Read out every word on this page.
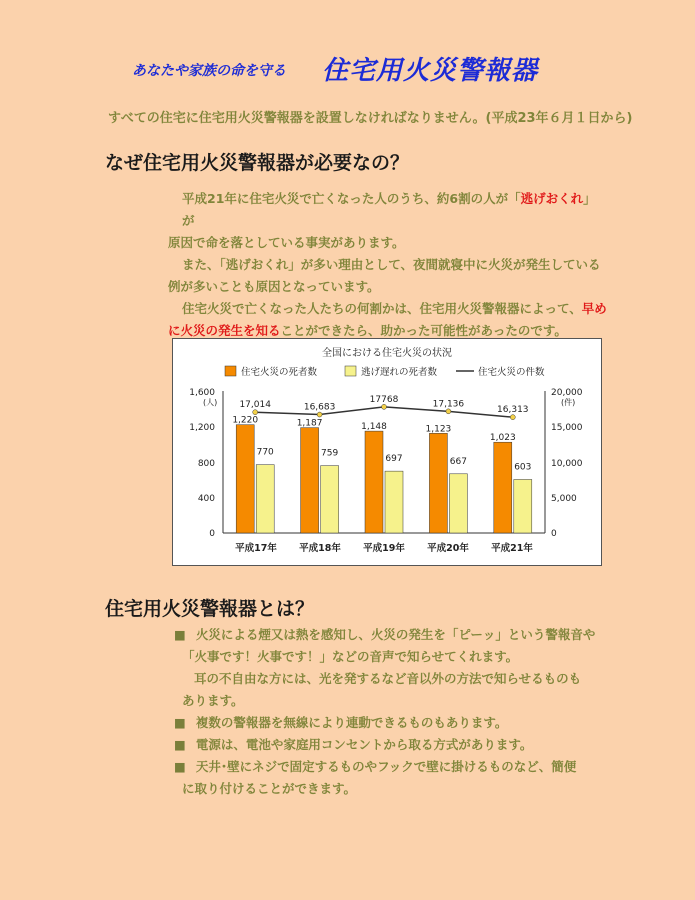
あなたや家族の命を守る 住宅用火災警報器
すべての住宅に住宅用火災警報器を設置しなければなりません。(平成23年６月１日から)
なぜ住宅用火災警報器が必要なの？
平成21年に住宅火災で亡くなった人のうち、約6割の人が「逃げおくれ」が
原因で命を落としている事実があります。
また、「逃げおくれ」が多い理由として、夜間就寝中に火災が発生している
例が多いことも原因となっています。
住宅火災で亡くなった人たちの何割かは、住宅用火災警報器によって、早め
に火災の発生を知ることができたら、助かった可能性があったのです。
全国における住宅火災の状況
住宅火災の死者数	逃げ遅れの死者数	住宅火災の件数
(人)	(件)
1,600
1,200
800
400
0
20,000
15,000
10,000
5,000
0
1,220
770
1,187
759
1,148
697
1,123
667
1,023
603
17,014	16,683
17768	17,136
16,313
平成17年 平成18年 平成19年 平成20年 平成21年
住宅用火災警報器とは？
■ 火災による煙又は熱を感知し、火災の発生を「ピーッ」という警報音や
「火事です！火事です！」などの音声で知らせてくれます。
耳の不自由な方には、光を発するなど音以外の方法で知らせるものも
あります。
■ 複数の警報器を無線により連動できるものもあります。
■ 電源は、電池や家庭用コンセントから取る方式があります。
■ 天井･壁にネジで固定するものやフックで壁に掛けるものなど、簡便
に取り付けることができます。
